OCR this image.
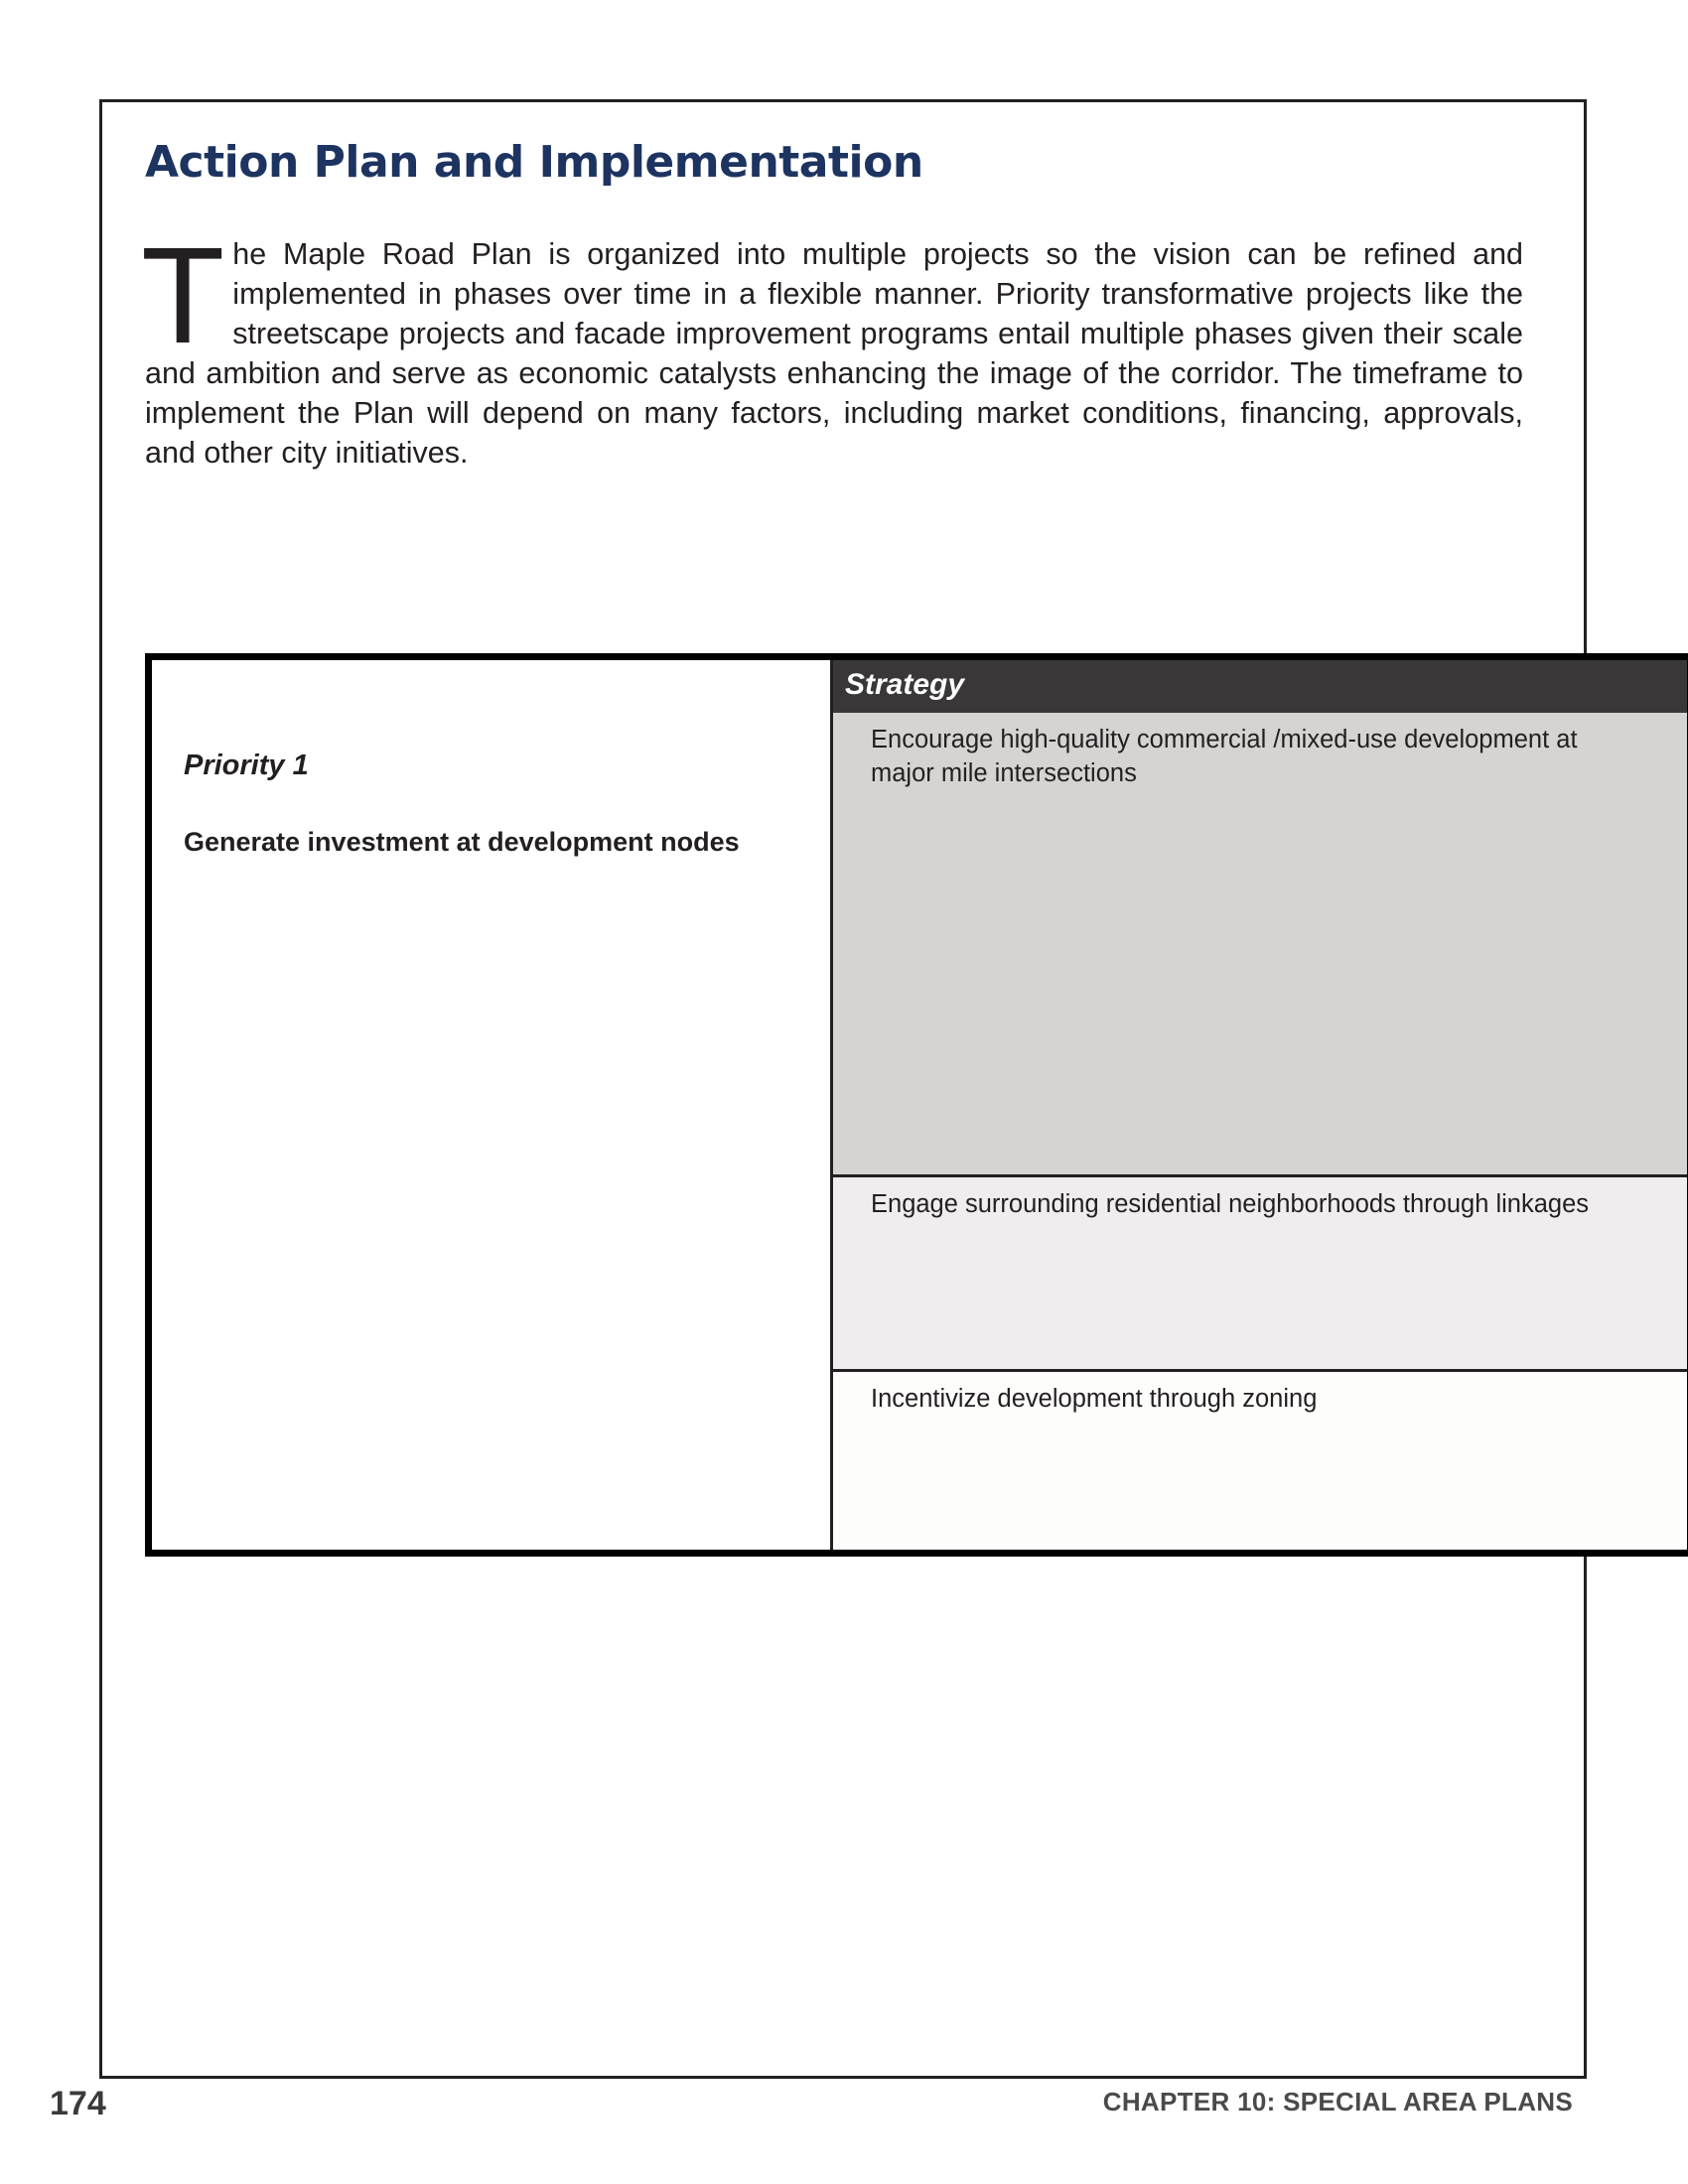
Action Plan and Implementation

The Maple Road Plan is organized into multiple projects so the vision can be refined and implemented in phases over time in a flexible manner. Priority transformative projects like the streetscape projects and facade improvement programs entail multiple phases given their scale and ambition and serve as economic catalysts enhancing the image of the corridor. The timeframe to implement the Plan will depend on many factors, including market conditions, financing, approvals, and other city initiatives.

Priority 1
Generate investment at development nodes
Strategy
Encourage high-quality commercial /mixed-use development at major mile intersections
Engage surrounding residential neighborhoods through linkages
Incentivize development through zoning
174	CHAPTER 10: SPECIAL AREA PLANS
